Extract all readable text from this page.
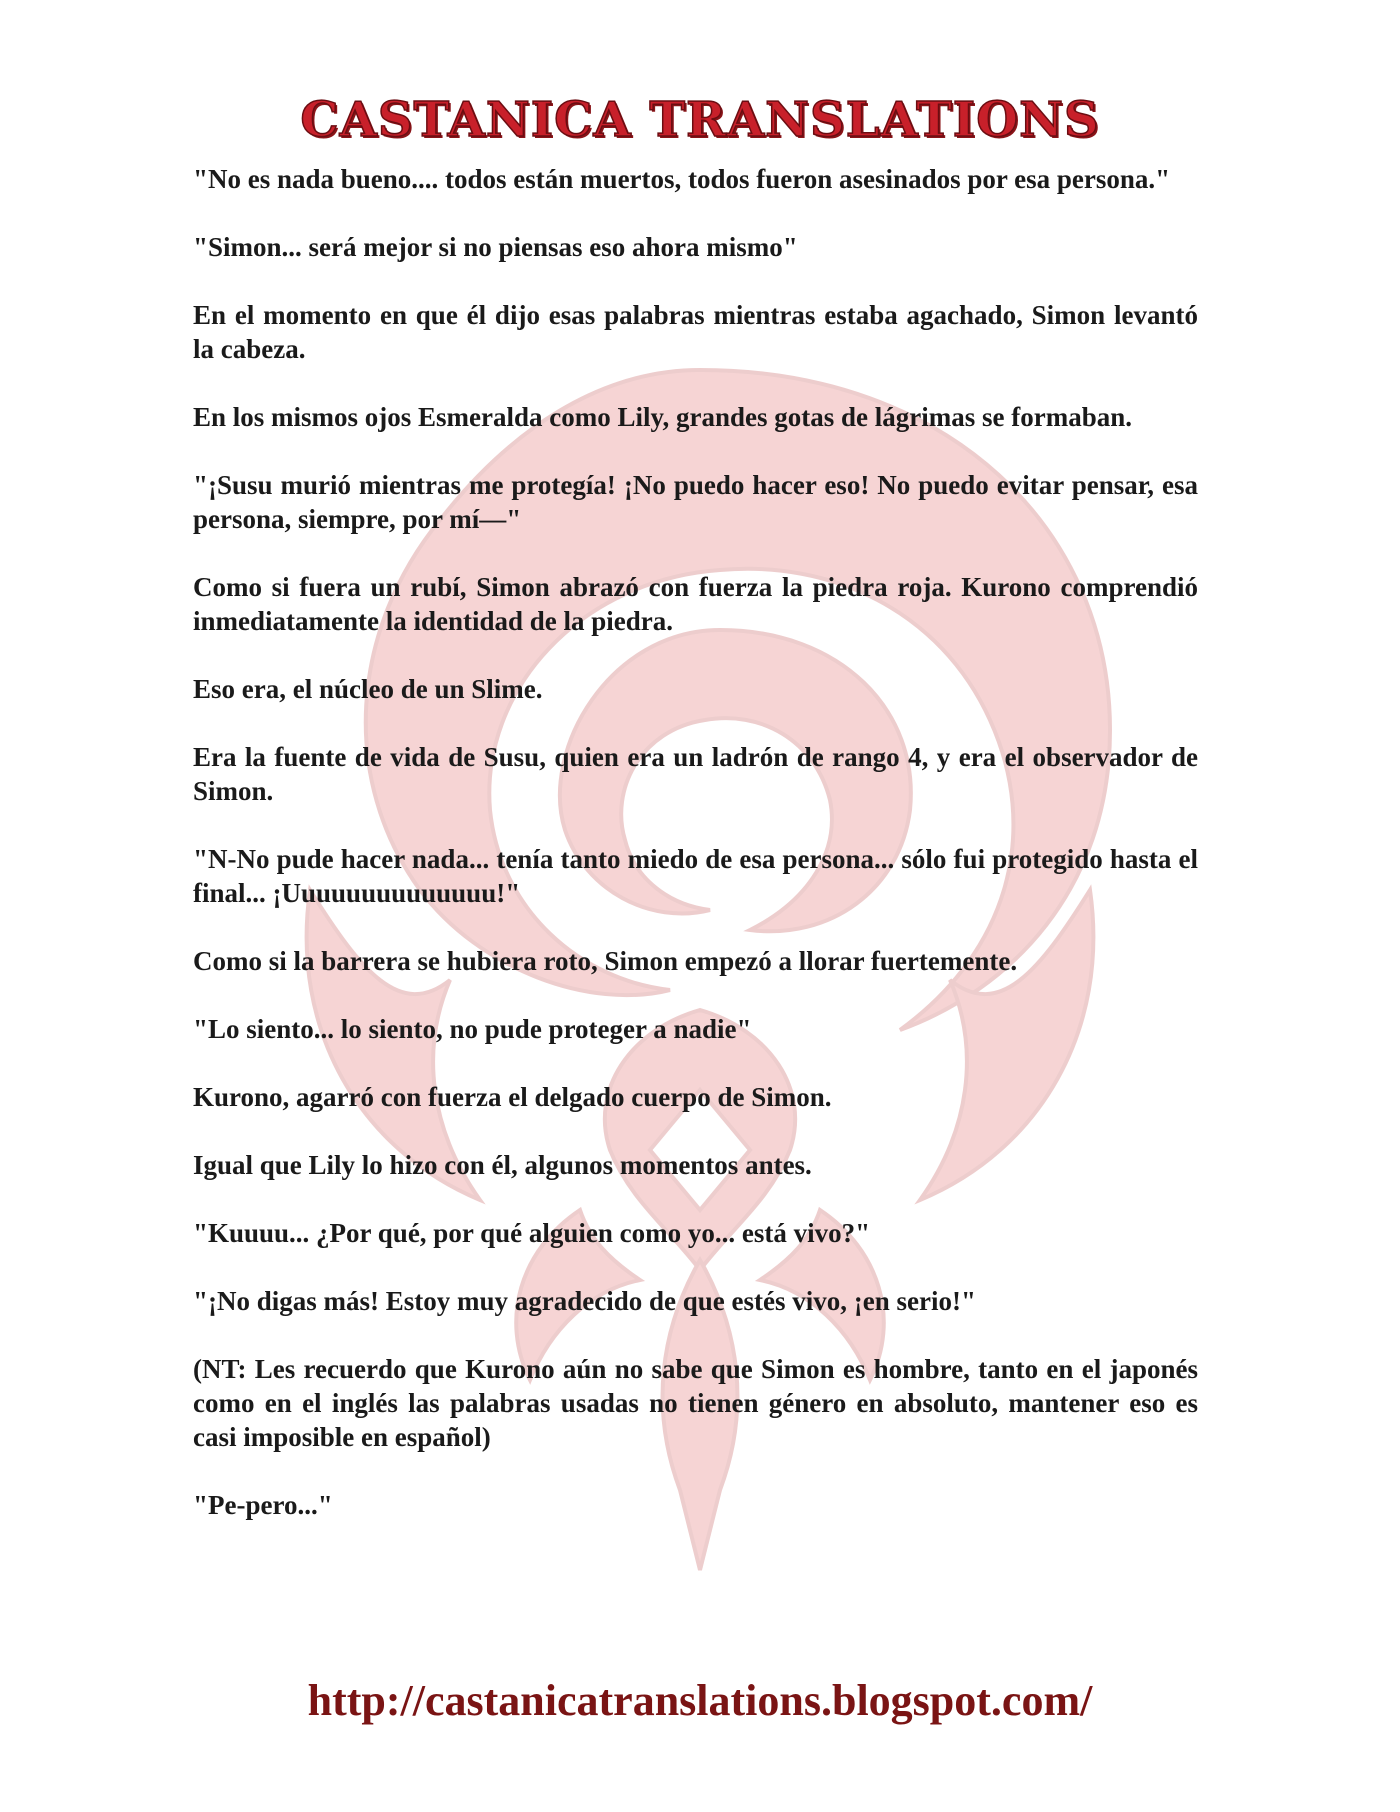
CASTANICA TRANSLATIONS

"No es nada bueno.... todos están muertos, todos fueron asesinados por esa persona."

"Simon... será mejor si no piensas eso ahora mismo"

En el momento en que él dijo esas palabras mientras estaba agachado, Simon levantó la cabeza.

En los mismos ojos Esmeralda como Lily, grandes gotas de lágrimas se formaban.

"¡Susu murió mientras me protegía! ¡No puedo hacer eso! No puedo evitar pensar, esa persona, siempre, por mí—"

Como si fuera un rubí, Simon abrazó con fuerza la piedra roja. Kurono comprendió inmediatamente la identidad de la piedra.

Eso era, el núcleo de un Slime.

Era la fuente de vida de Susu, quien era un ladrón de rango 4, y era el observador de Simon.

"N-No pude hacer nada... tenía tanto miedo de esa persona... sólo fui protegido hasta el final... ¡Uuuuuuuuuuuuuu!"

Como si la barrera se hubiera roto, Simon empezó a llorar fuertemente.

"Lo siento... lo siento, no pude proteger a nadie"

Kurono, agarró con fuerza el delgado cuerpo de Simon.

Igual que Lily lo hizo con él, algunos momentos antes.

"Kuuuu... ¿Por qué, por qué alguien como yo... está vivo?"

"¡No digas más! Estoy muy agradecido de que estés vivo, ¡en serio!"

(NT: Les recuerdo que Kurono aún no sabe que Simon es hombre, tanto en el japonés como en el inglés las palabras usadas no tienen género en absoluto, mantener eso es casi imposible en español)

"Pe-pero..."

http://castanicatranslations.blogspot.com/
